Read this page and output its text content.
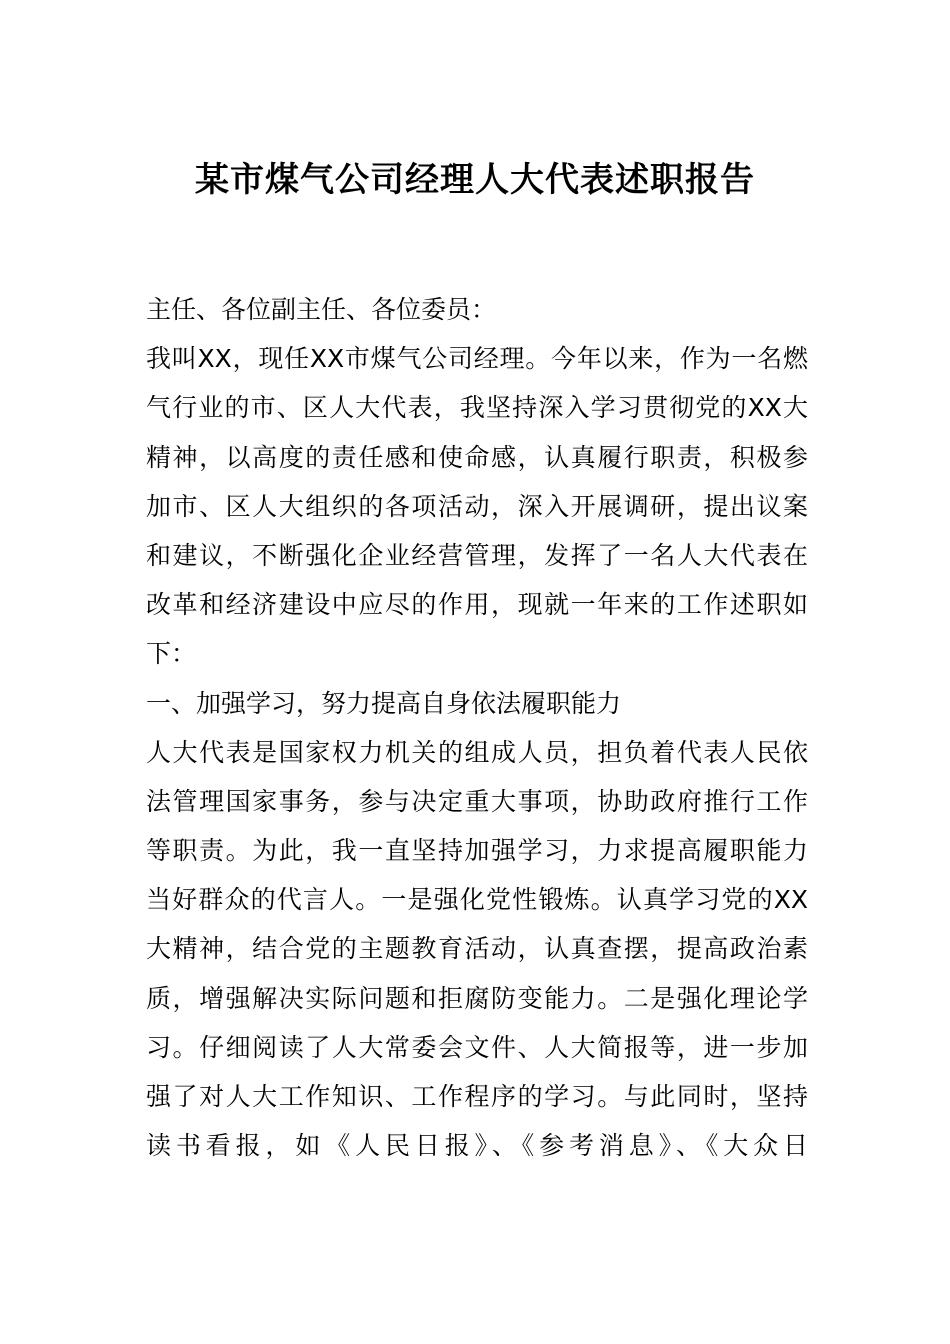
某市煤气公司经理人大代表述职报告
主任、各位副主任、各位委员：
我叫XX，现任XX市煤气公司经理。今年以来，作为一名燃
气行业的市、区人大代表，我坚持深入学习贯彻党的XX大
精神，以高度的责任感和使命感，认真履行职责，积极参
加市、区人大组织的各项活动，深入开展调研，提出议案
和建议，不断强化企业经营管理，发挥了一名人大代表在
改革和经济建设中应尽的作用，现就一年来的工作述职如
下：
一、加强学习，努力提高自身依法履职能力
人大代表是国家权力机关的组成人员，担负着代表人民依
法管理国家事务，参与决定重大事项，协助政府推行工作
等职责。为此，我一直坚持加强学习，力求提高履职能力
当好群众的代言人。一是强化党性锻炼。认真学习党的XX
大精神，结合党的主题教育活动，认真查摆，提高政治素
质，增强解决实际问题和拒腐防变能力。二是强化理论学
习。仔细阅读了人大常委会文件、人大简报等，进一步加
强了对人大工作知识、工作程序的学习。与此同时，坚持
读书看报，如《人民日报》、《参考消息》、《大众日
